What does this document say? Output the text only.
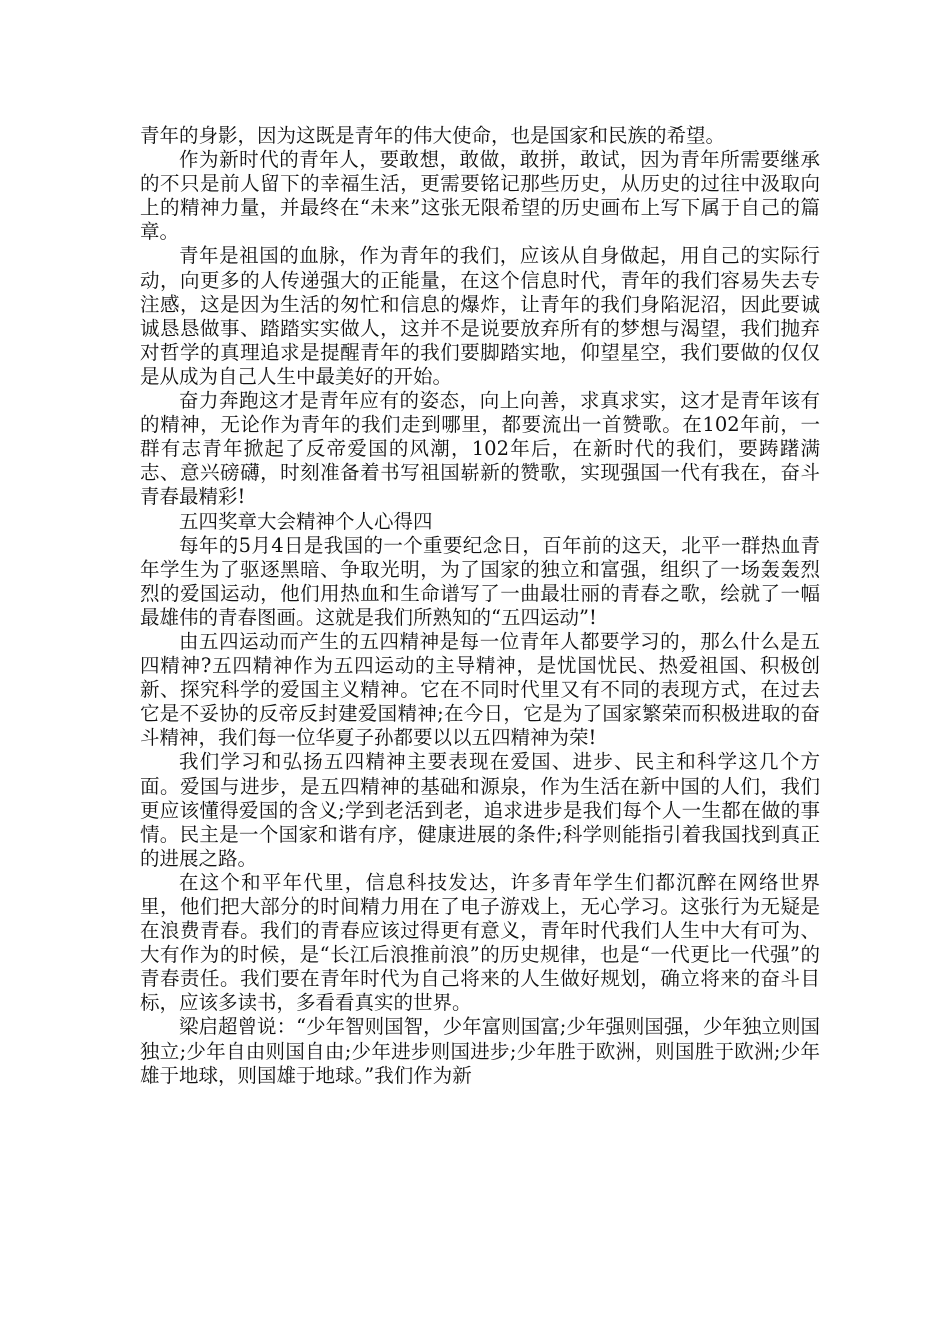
青年的身影，因为这既是青年的伟大使命，也是国家和民族的希望。

作为新时代的青年人，要敢想，敢做，敢拼，敢试，因为青年所需要继承的不只是前人留下的幸福生活，更需要铭记那些历史，从历史的过往中汲取向上的精神力量，并最终在“未来”这张无限希望的历史画布上写下属于自己的篇章。

青年是祖国的血脉，作为青年的我们，应该从自身做起，用自己的实际行动，向更多的人传递强大的正能量，在这个信息时代，青年的我们容易失去专注感，这是因为生活的匆忙和信息的爆炸，让青年的我们身陷泥沼，因此要诚诚恳恳做事、踏踏实实做人，这并不是说要放弃所有的梦想与渴望，我们抛弃对哲学的真理追求是提醒青年的我们要脚踏实地，仰望星空，我们要做的仅仅是从成为自己人生中最美好的开始。

奋力奔跑这才是青年应有的姿态，向上向善，求真求实，这才是青年该有的精神，无论作为青年的我们走到哪里，都要流出一首赞歌。在102年前，一群有志青年掀起了反帝爱国的风潮，102年后，在新时代的我们，要踌躇满志、意兴磅礴，时刻准备着书写祖国崭新的赞歌，实现强国一代有我在，奋斗青春最精彩!

五四奖章大会精神个人心得四

每年的5月4日是我国的一个重要纪念日，百年前的这天，北平一群热血青年学生为了驱逐黑暗、争取光明，为了国家的独立和富强，组织了一场轰轰烈烈的爱国运动，他们用热血和生命谱写了一曲最壮丽的青春之歌，绘就了一幅最雄伟的青春图画。这就是我们所熟知的“五四运动”!

由五四运动而产生的五四精神是每一位青年人都要学习的，那么什么是五四精神?五四精神作为五四运动的主导精神，是忧国忧民、热爱祖国、积极创新、探究科学的爱国主义精神。它在不同时代里又有不同的表现方式，在过去它是不妥协的反帝反封建爱国精神;在今日，它是为了国家繁荣而积极进取的奋斗精神，我们每一位华夏子孙都要以以五四精神为荣!

我们学习和弘扬五四精神主要表现在爱国、进步、民主和科学这几个方面。爱国与进步，是五四精神的基础和源泉，作为生活在新中国的人们，我们更应该懂得爱国的含义;学到老活到老，追求进步是我们每个人一生都在做的事情。民主是一个国家和谐有序，健康进展的条件;科学则能指引着我国找到真正的进展之路。

在这个和平年代里，信息科技发达，许多青年学生们都沉醉在网络世界里，他们把大部分的时间精力用在了电子游戏上，无心学习。这张行为无疑是在浪费青春。我们的青春应该过得更有意义，青年时代我们人生中大有可为、大有作为的时候，是“长江后浪推前浪”的历史规律，也是“一代更比一代强”的青春责任。我们要在青年时代为自己将来的人生做好规划，确立将来的奋斗目标，应该多读书，多看看真实的世界。

梁启超曾说：“少年智则国智，少年富则国富;少年强则国强，少年独立则国独立;少年自由则国自由;少年进步则国进步;少年胜于欧洲，则国胜于欧洲;少年雄于地球，则国雄于地球。”我们作为新
